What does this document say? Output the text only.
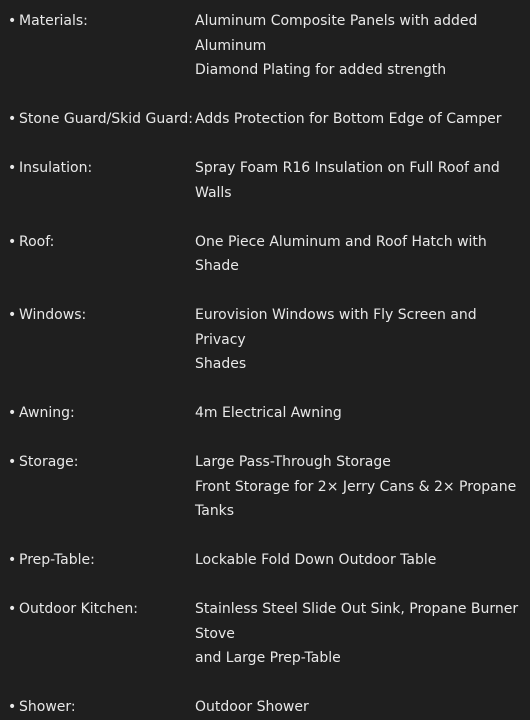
• Materials:	Aluminum Composite Panels with added Aluminum
Diamond Plating for added strength
• Stone Guard/Skid Guard: Adds Protection for Bottom Edge of Camper
• Insulation:	Spray Foam R16 Insulation on Full Roof and Walls
• Roof:	One Piece Aluminum and Roof Hatch with Shade
• Windows:	Eurovision Windows with Fly Screen and Privacy
Shades
• Awning:	4m Electrical Awning
• Storage:	Large Pass-Through Storage
Front Storage for 2× Jerry Cans & 2× Propane
Tanks
• Prep-Table:	Lockable Fold Down Outdoor Table
• Outdoor Kitchen:	Stainless Steel Slide Out Sink, Propane Burner Stove
and Large Prep-Table
• Shower:	Outdoor Shower
